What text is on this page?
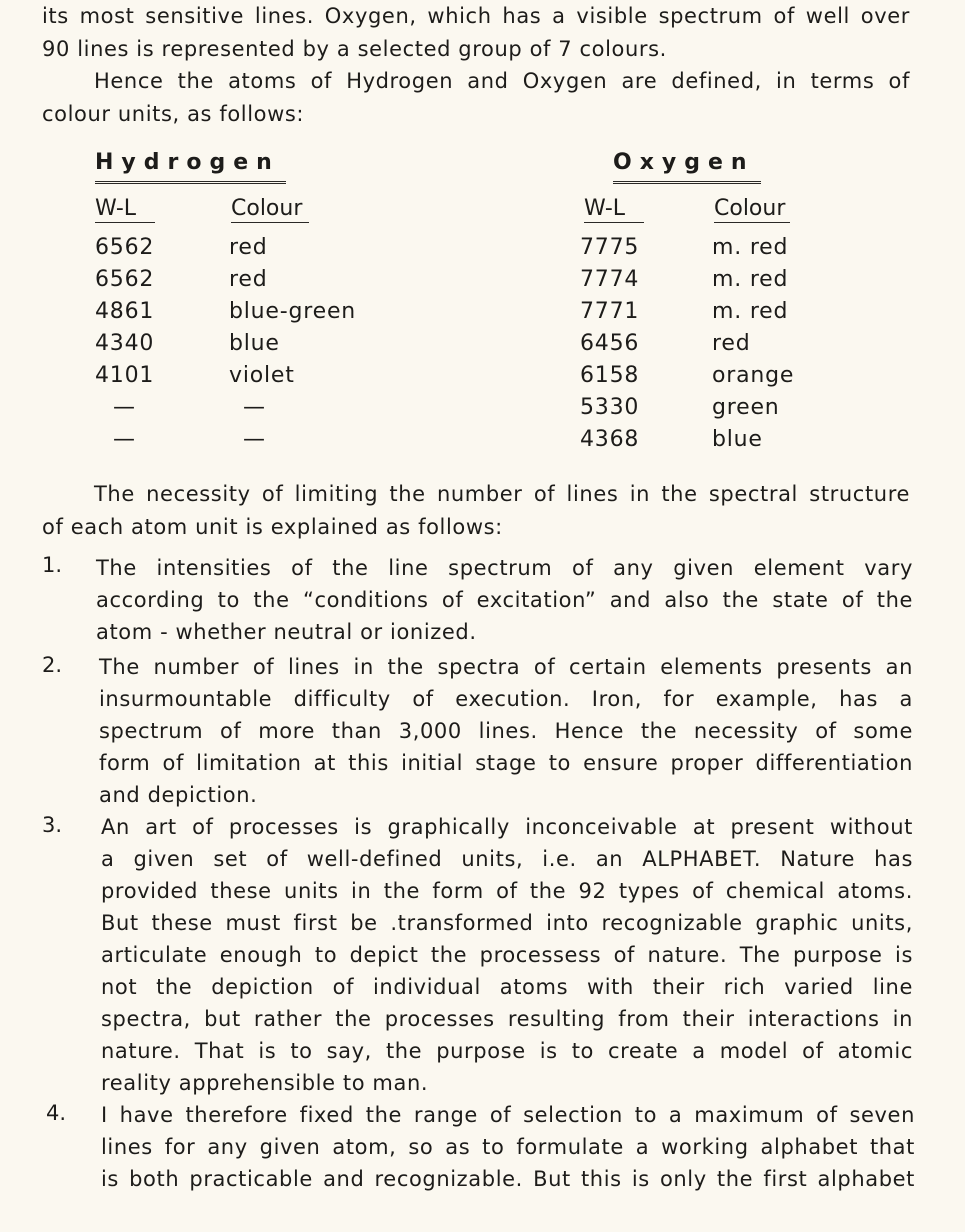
its most sensitive lines. Oxygen, which has a visible spectrum of well over
90 lines is represented by a selected group of 7 colours.
Hence the atoms of Hydrogen and Oxygen are defined, in terms of
colour units, as follows:
Hydrogen
W-L	Colour
6562	red
6562	red
4861	blue-green
4340	blue
4101	violet
—	—
—	—
Oxygen
W-L	Colour
7775	m. red
7774	m. red
7771	m. red
6456	red
6158	orange
5330	green
4368	blue
The necessity of limiting the number of lines in the spectral structure
of each atom unit is explained as follows:
1. The intensities of the line spectrum of any given element vary
according to the “conditions of excitation” and also the state of the
atom - whether neutral or ionized.
2. The number of lines in the spectra of certain elements presents an
insurmountable difficulty of execution. Iron, for example, has a
spectrum of more than 3,000 lines. Hence the necessity of some
form of limitation at this initial stage to ensure proper differentiation
and depiction.
3. An art of processes is graphically inconceivable at present without
a given set of well-defined units, i.e. an ALPHABET. Nature has
provided these units in the form of the 92 types of chemical atoms.
But these must first be .transformed into recognizable graphic units,
articulate enough to depict the processess of nature. The purpose is
not the depiction of individual atoms with their rich varied line
spectra, but rather the processes resulting from their interactions in
nature. That is to say, the purpose is to create a model of atomic
reality apprehensible to man.
4. I have therefore fixed the range of selection to a maximum of seven
lines for any given atom, so as to formulate a working alphabet that
is both practicable and recognizable. But this is only the first alphabet
